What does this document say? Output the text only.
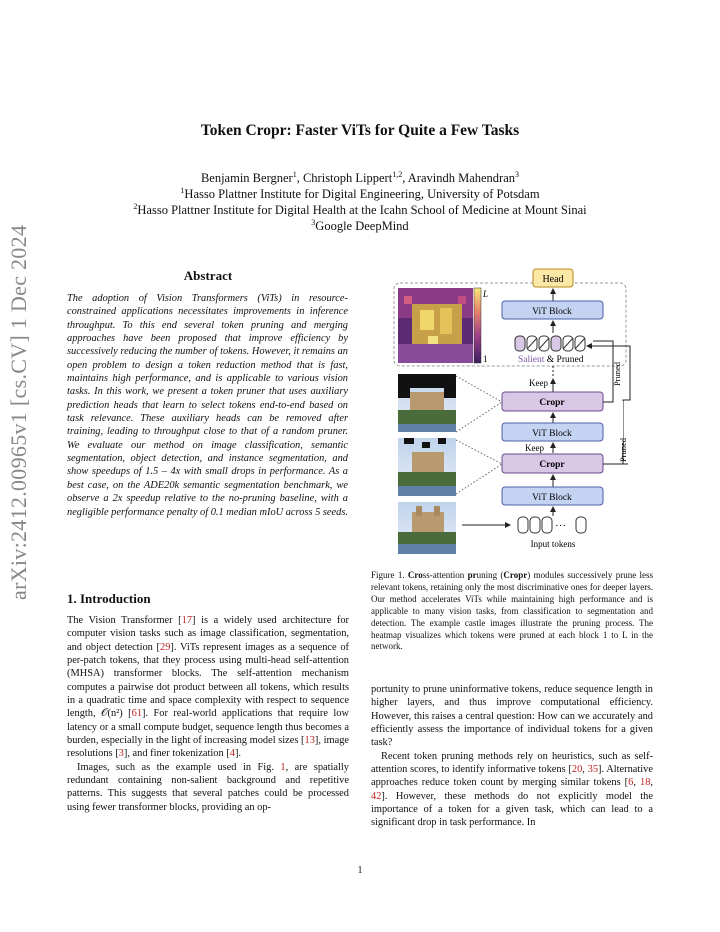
arXiv:2412.00965v1 [cs.CV] 1 Dec 2024
Token Cropr: Faster ViTs for Quite a Few Tasks
Benjamin Bergner$^1$, Christoph Lippert$^{1,2}$, Aravindh Mahendran$^3$
$^1$Hasso Plattner Institute for Digital Engineering, University of Potsdam
$^2$Hasso Plattner Institute for Digital Health at the Icahn School of Medicine at Mount Sinai
$^3$Google DeepMind
Abstract
The adoption of Vision Transformers (ViTs) in resource-constrained applications necessitates improvements in inference throughput. To this end several token pruning and merging approaches have been proposed that improve efficiency by successively reducing the number of tokens. However, it remains an open problem to design a token reduction method that is fast, maintains high performance, and is applicable to various vision tasks. In this work, we present a token pruner that uses auxiliary prediction heads that learn to select tokens end-to-end based on task relevance. These auxiliary heads can be removed after training, leading to throughput close to that of a random pruner. We evaluate our method on image classification, semantic segmentation, object detection, and instance segmentation, and show speedups of 1.5 – 4x with small drops in performance. As a best case, on the ADE20k semantic segmentation benchmark, we observe a 2x speedup relative to the no-pruning baseline, with a negligible performance penalty of 0.1 median mIoU across 5 seeds.
1. Introduction

The Vision Transformer [17] is a widely used architecture for computer vision tasks such as image classification, segmentation, and object detection [29]. ViTs represent images as a sequence of per-patch tokens, that they process using multi-head self-attention (MHSA) transformer blocks. The self-attention mechanism computes a pairwise dot product between all tokens, which results in a quadratic time and space complexity with respect to sequence length, 𝒪(n²) [61]. For real-world applications that require low latency or a small compute budget, sequence length thus becomes a burden, especially in the light of increasing model sizes [13], image resolutions [3], and finer tokenization [4].

Images, such as the example used in Fig. 1, are spatially redundant containing non-salient background and repetitive patterns. This suggests that several patches could be processed using fewer transformer blocks, providing an op-

L
1
Head
ViT Block
Salient & Pruned
Keep
Cropr
ViT Block
Keep
Cropr
ViT Block
···
Input tokens
Pruned
Pruned
Figure 1. Cross-attention pruning (Cropr) modules successively prune less relevant tokens, retaining only the most discriminative ones for deeper layers. Our method accelerates ViTs while maintaining high performance and is applicable to many vision tasks, from classification to segmentation and detection. The example castle images illustrate the pruning process. The heatmap visualizes which tokens were pruned at each block 1 to L in the network.

portunity to prune uninformative tokens, reduce sequence length in higher layers, and thus improve computational efficiency. However, this raises a central question: How can we accurately and efficiently assess the importance of individual tokens for a given task?

Recent token pruning methods rely on heuristics, such as self-attention scores, to identify informative tokens [20, 35]. Alternative approaches reduce token count by merging similar tokens [6, 18, 42]. However, these methods do not explicitly model the importance of a token for a given task, which can lead to a significant drop in task performance. In

1
